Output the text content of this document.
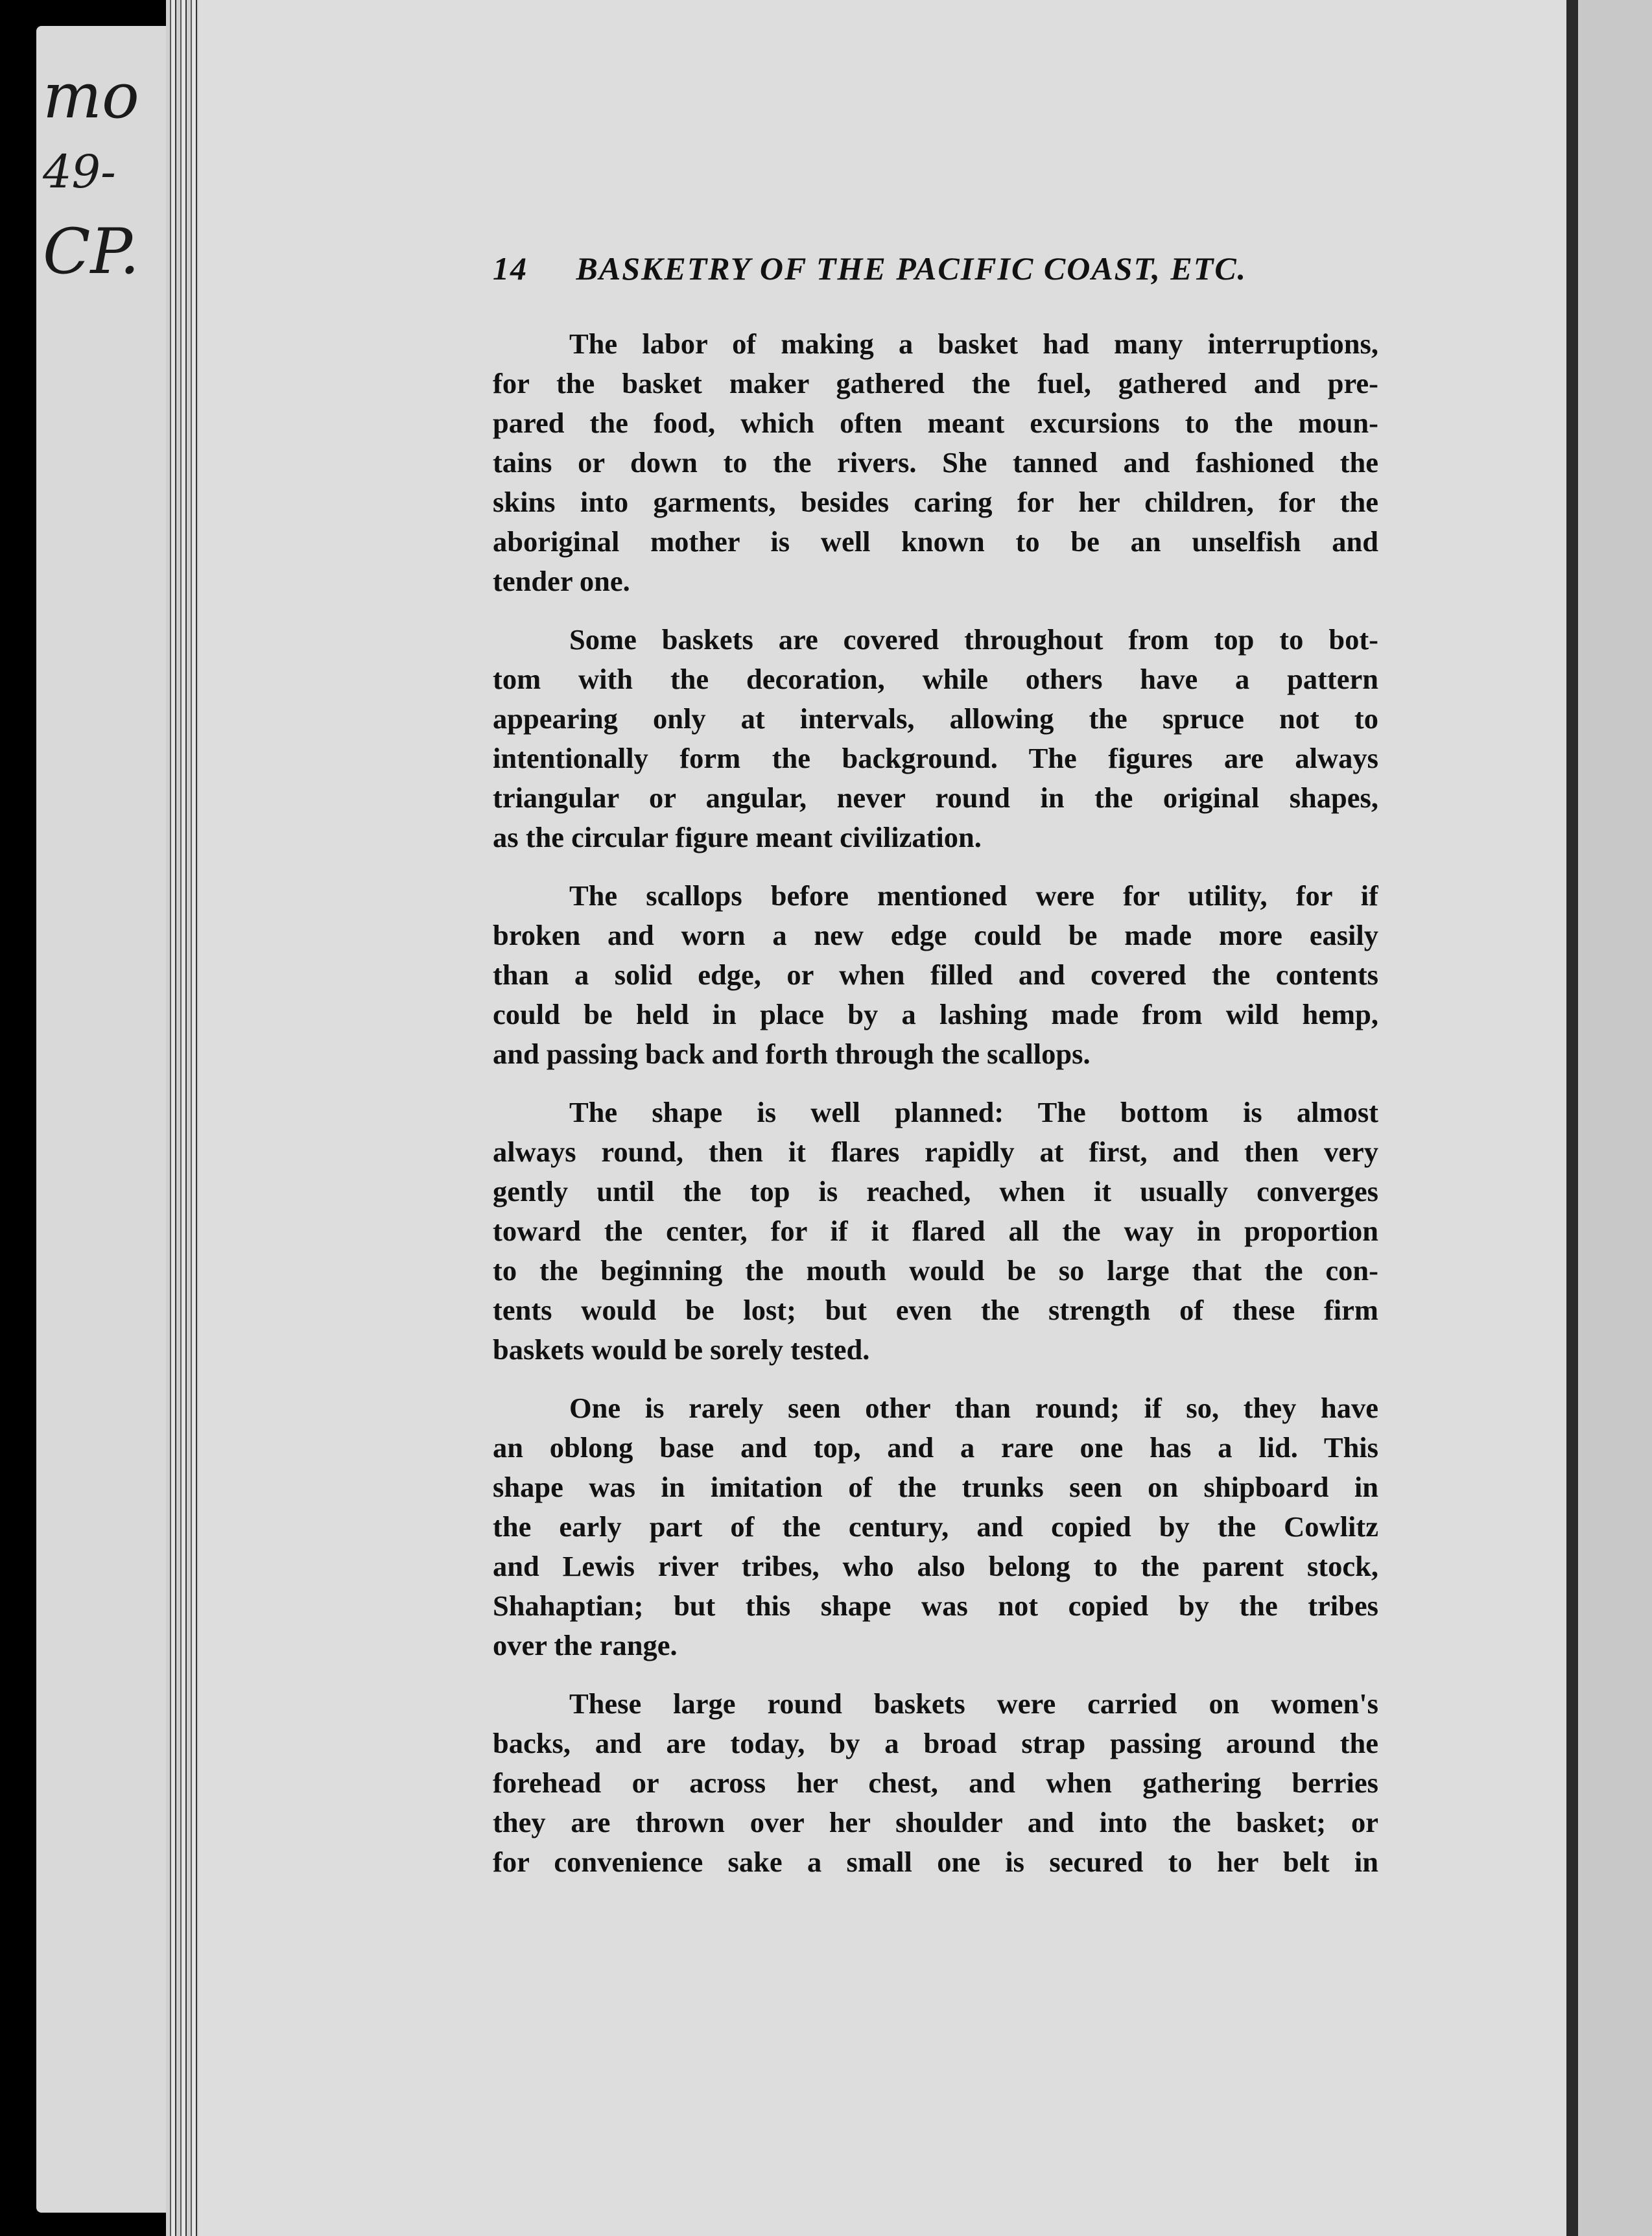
mo
49-
CP.	14 BASKETRY OF THE PACIFIC COAST, ETC.
The labor of making a basket had many interruptions,
for the basket maker gathered the fuel, gathered and pre-
pared the food, which often meant excursions to the moun-
tains or down to the rivers. She tanned and fashioned the
skins into garments, besides caring for her children, for the
aboriginal mother is well known to be an unselfish and
tender one.
Some baskets are covered throughout from top to bot-
tom with the decoration, while others have a pattern
appearing only at intervals, allowing the spruce not to
intentionally form the background. The figures are always
triangular or angular, never round in the original shapes,
as the circular figure meant civilization.
The scallops before mentioned were for utility, for if
broken and worn a new edge could be made more easily
than a solid edge, or when filled and covered the contents
could be held in place by a lashing made from wild hemp,
and passing back and forth through the scallops.
The shape is well planned: The bottom is almost
always round, then it flares rapidly at first, and then very
gently until the top is reached, when it usually converges
toward the center, for if it flared all the way in proportion
to the beginning the mouth would be so large that the con-
tents would be lost; but even the strength of these firm
baskets would be sorely tested.
One is rarely seen other than round; if so, they have
an oblong base and top, and a rare one has a lid. This
shape was in imitation of the trunks seen on shipboard in
the early part of the century, and copied by the Cowlitz
and Lewis river tribes, who also belong to the parent stock,
Shahaptian; but this shape was not copied by the tribes
over the range.
These large round baskets were carried on women's
backs, and are today, by a broad strap passing around the
forehead or across her chest, and when gathering berries
they are thrown over her shoulder and into the basket; or
for convenience sake a small one is secured to her belt in
